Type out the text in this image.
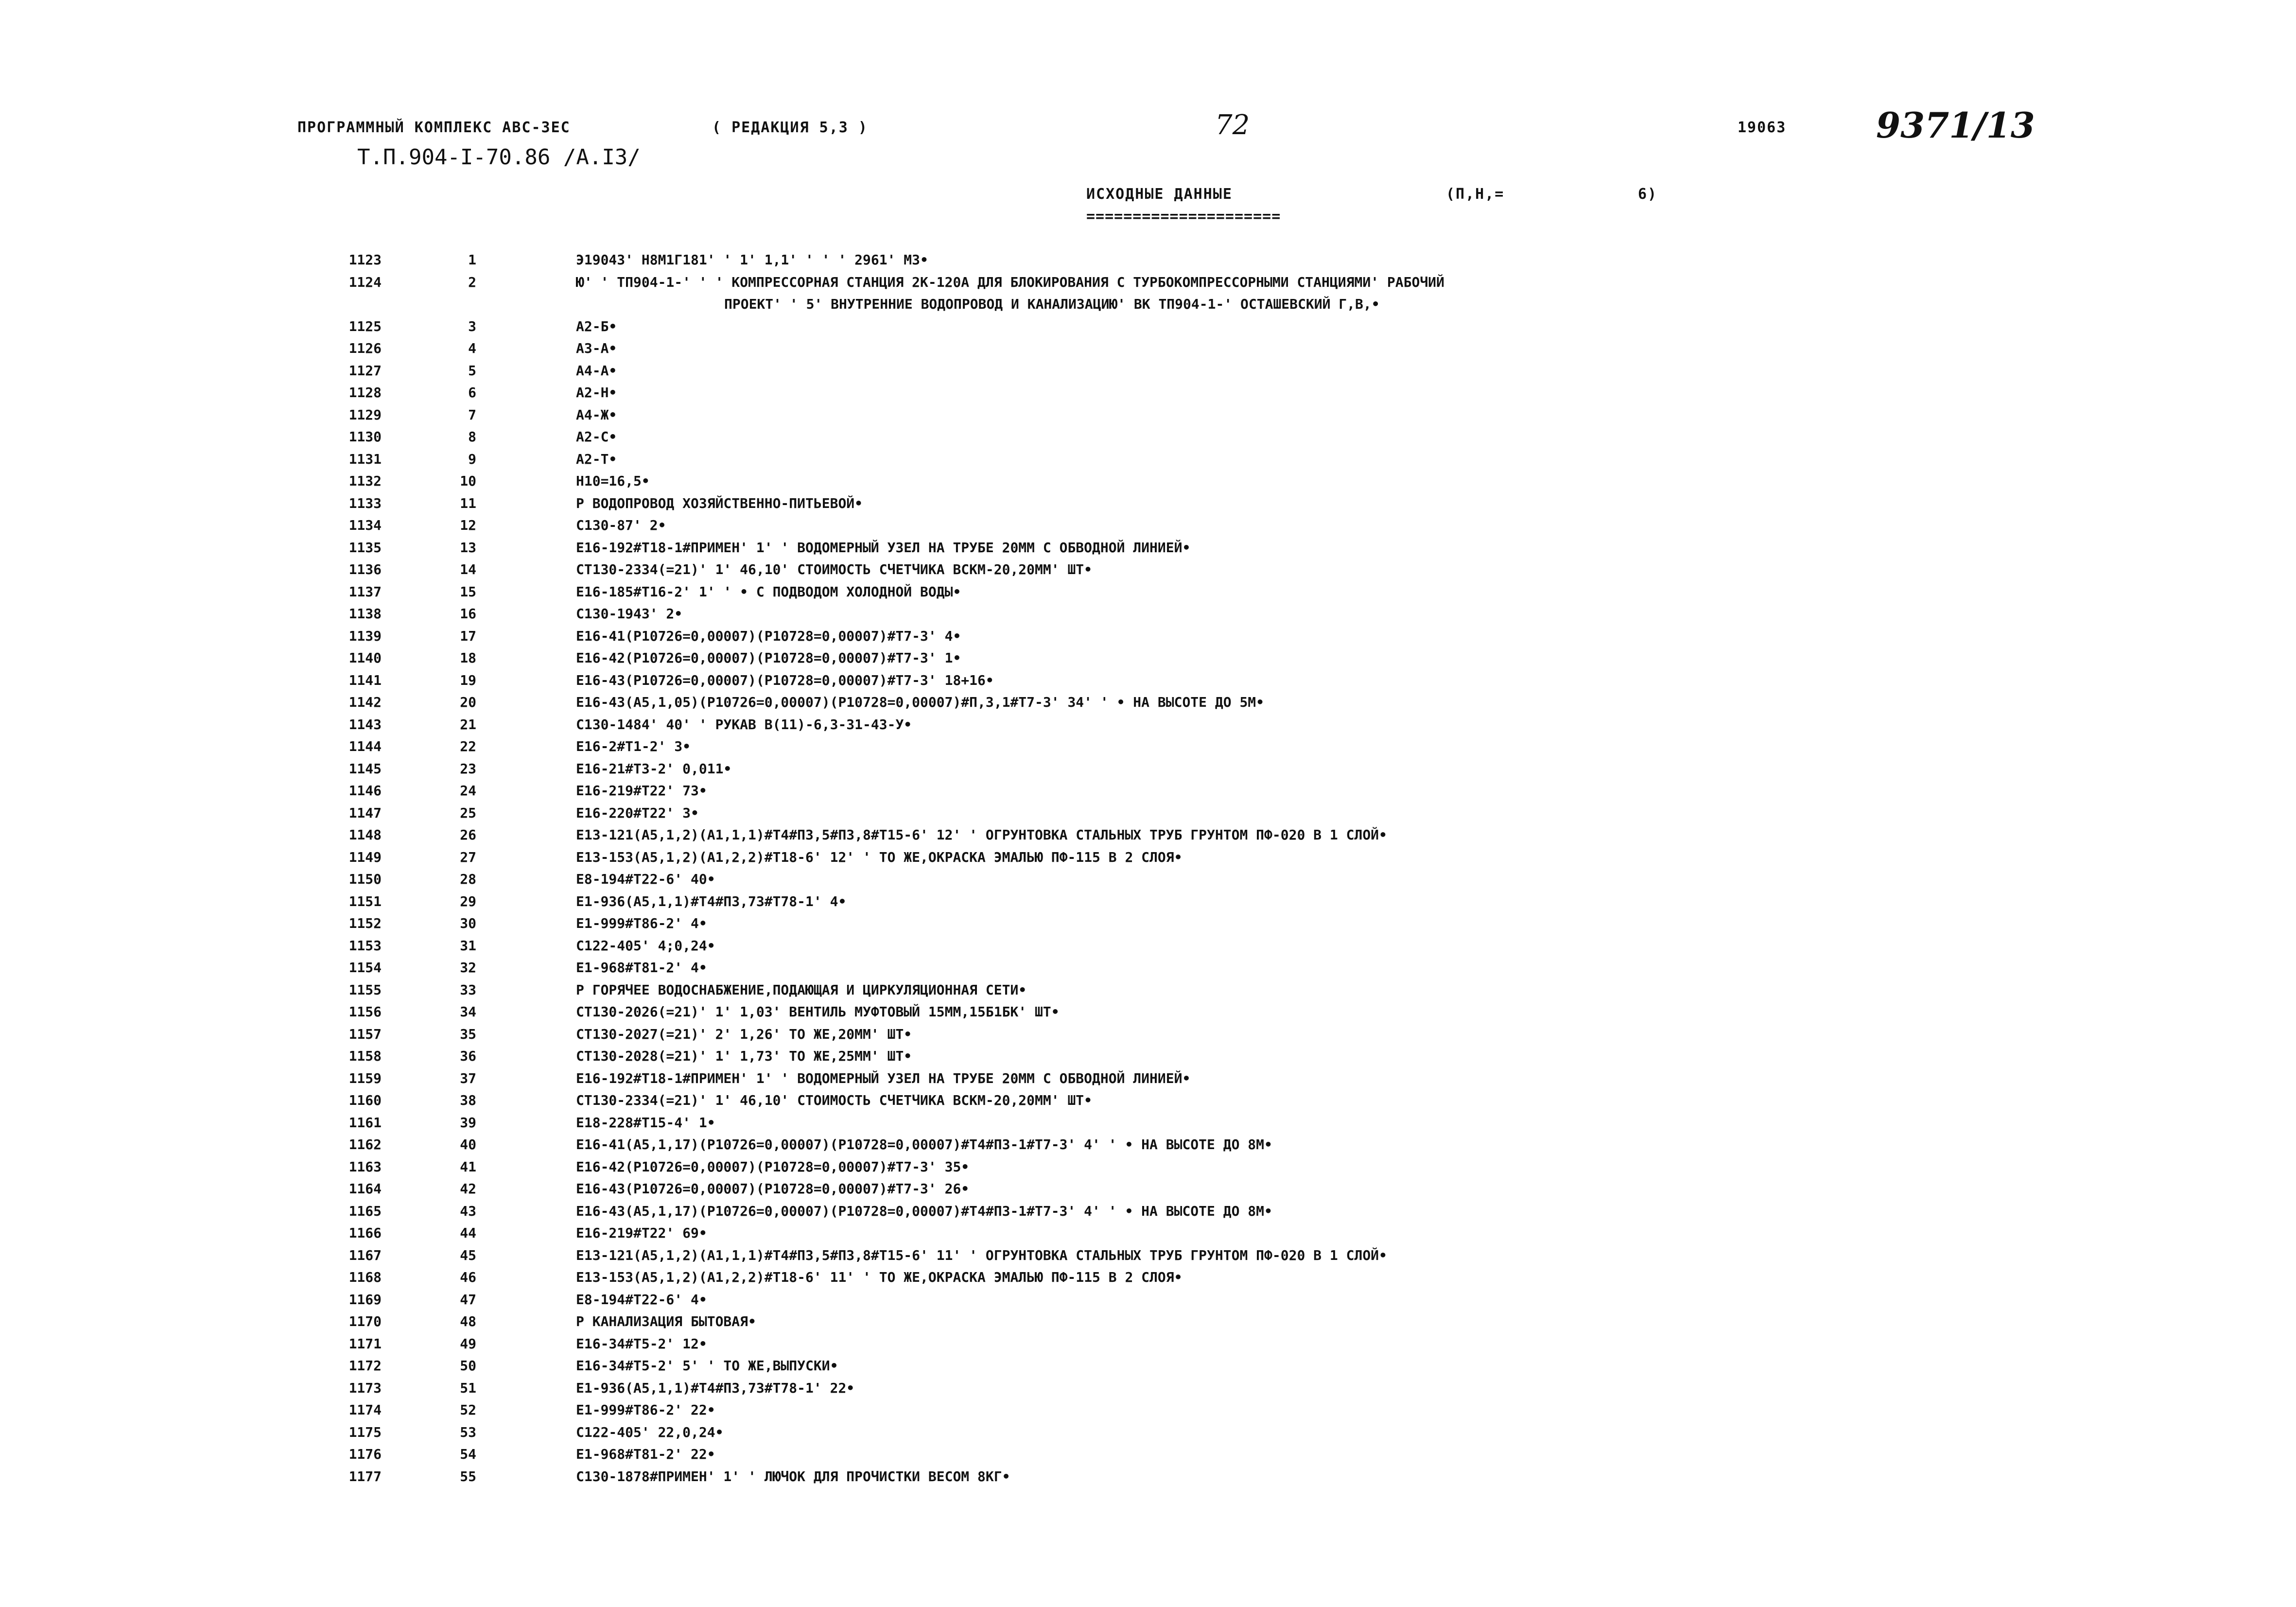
ПРОГРАММНЫЙ КОМПЛЕКС АВС-ЗЕС	( РЕДАКЦИЯ 5,3 )	72	19063	9371/13
Т.П.904-I-70.86 /А.I3/
ИСХОДНЫЕ ДАННЫЕ
=====================
(П,Н,=	6)
1123	1	Э19043' Н8М1Г181' ' 1' 1,1' ' ' ' 2961' МЗ•
1124	2	Ю' ' ТП904-1-' ' ' КОМПРЕССОРНАЯ СТАНЦИЯ 2К-120А ДЛЯ БЛОКИРОВАНИЯ С ТУРБОКОМПРЕССОРНЫМИ СТАНЦИЯМИ' РАБОЧИЙ
ПРОЕКТ' ' 5' ВНУТРЕННИЕ ВОДОПРОВОД И КАНАЛИЗАЦИЮ' ВК ТП904-1-' ОСТАШЕВСКИЙ Г,В,•
1125	3	А2-Б•
1126	4	А3-А•
1127	5	А4-А•
1128	6	А2-Н•
1129	7	А4-Ж•
1130	8	А2-С•
1131	9	А2-Т•
1132	10	Н10=16,5•
1133	11	Р ВОДОПРОВОД ХОЗЯЙСТВЕННО-ПИТЬЕВОЙ•
1134	12	С130-87' 2•
1135	13	Е16-192#Т18-1#ПРИМЕН' 1' ' ВОДОМЕРНЫЙ УЗЕЛ НА ТРУБЕ 20ММ С ОБВОДНОЙ ЛИНИЕЙ•
1136	14	СТ130-2334(=21)' 1' 46,10' СТОИМОСТЬ СЧЕТЧИКА ВСКМ-20,20ММ' ШТ•
1137	15	Е16-185#Т16-2' 1' ' • С ПОДВОДОМ ХОЛОДНОЙ ВОДЫ•
1138	16	С130-1943' 2•
1139	17	Е16-41(Р10726=0,00007)(Р10728=0,00007)#Т7-3' 4•
1140	18	Е16-42(Р10726=0,00007)(Р10728=0,00007)#Т7-3' 1•
1141	19	Е16-43(Р10726=0,00007)(Р10728=0,00007)#Т7-3' 18+16•
1142	20	Е16-43(А5,1,05)(Р10726=0,00007)(Р10728=0,00007)#П,3,1#Т7-3' 34' ' • НА ВЫСОТЕ ДО 5М•
1143	21	С130-1484' 40' ' РУКАВ В(11)-6,3-31-43-У•
1144	22	Е16-2#Т1-2' 3•
1145	23	Е16-21#Т3-2' 0,011•
1146	24	Е16-219#Т22' 73•
1147	25	Е16-220#Т22' 3•
1148	26	Е13-121(А5,1,2)(А1,1,1)#Т4#П3,5#П3,8#Т15-6' 12' ' ОГРУНТОВКА СТАЛЬНЫХ ТРУБ ГРУНТОМ ПФ-020 В 1 СЛОЙ•
1149	27	Е13-153(А5,1,2)(А1,2,2)#Т18-6' 12' ' ТО ЖЕ,ОКРАСКА ЭМАЛЬЮ ПФ-115 В 2 СЛОЯ•
1150	28	Е8-194#Т22-6' 40•
1151	29	Е1-936(А5,1,1)#Т4#П3,73#Т78-1' 4•
1152	30	Е1-999#Т86-2' 4•
1153	31	С122-405' 4;0,24•
1154	32	Е1-968#Т81-2' 4•
1155	33	Р ГОРЯЧЕЕ ВОДОСНАБЖЕНИЕ,ПОДАЮЩАЯ И ЦИРКУЛЯЦИОННАЯ СЕТИ•
1156	34	СТ130-2026(=21)' 1' 1,03' ВЕНТИЛЬ МУФТОВЫЙ 15ММ,15Б1БК' ШТ•
1157	35	СТ130-2027(=21)' 2' 1,26' ТО ЖЕ,20ММ' ШТ•
1158	36	СТ130-2028(=21)' 1' 1,73' ТО ЖЕ,25ММ' ШТ•
1159	37	Е16-192#Т18-1#ПРИМЕН' 1' ' ВОДОМЕРНЫЙ УЗЕЛ НА ТРУБЕ 20ММ С ОБВОДНОЙ ЛИНИЕЙ•
1160	38	СТ130-2334(=21)' 1' 46,10' СТОИМОСТЬ СЧЕТЧИКА ВСКМ-20,20ММ' ШТ•
1161	39	Е18-228#Т15-4' 1•
1162	40	Е16-41(А5,1,17)(Р10726=0,00007)(Р10728=0,00007)#Т4#П3-1#Т7-3' 4' ' • НА ВЫСОТЕ ДО 8М•
1163	41	Е16-42(Р10726=0,00007)(Р10728=0,00007)#Т7-3' 35•
1164	42	Е16-43(Р10726=0,00007)(Р10728=0,00007)#Т7-3' 26•
1165	43	Е16-43(А5,1,17)(Р10726=0,00007)(Р10728=0,00007)#Т4#П3-1#Т7-3' 4' ' • НА ВЫСОТЕ ДО 8М•
1166	44	Е16-219#Т22' 69•
1167	45	Е13-121(А5,1,2)(А1,1,1)#Т4#П3,5#П3,8#Т15-6' 11' ' ОГРУНТОВКА СТАЛЬНЫХ ТРУБ ГРУНТОМ ПФ-020 В 1 СЛОЙ•
1168	46	Е13-153(А5,1,2)(А1,2,2)#Т18-6' 11' ' ТО ЖЕ,ОКРАСКА ЭМАЛЬЮ ПФ-115 В 2 СЛОЯ•
1169	47	Е8-194#Т22-6' 4•
1170	48	Р КАНАЛИЗАЦИЯ БЫТОВАЯ•
1171	49	Е16-34#Т5-2' 12•
1172	50	Е16-34#Т5-2' 5' ' ТО ЖЕ,ВЫПУСКИ•
1173	51	Е1-936(А5,1,1)#Т4#П3,73#Т78-1' 22•
1174	52	Е1-999#Т86-2' 22•
1175	53	С122-405' 22,0,24•
1176	54	Е1-968#Т81-2' 22•
1177	55	С130-1878#ПРИМЕН' 1' ' ЛЮЧОК ДЛЯ ПРОЧИСТКИ ВЕСОМ 8КГ•
